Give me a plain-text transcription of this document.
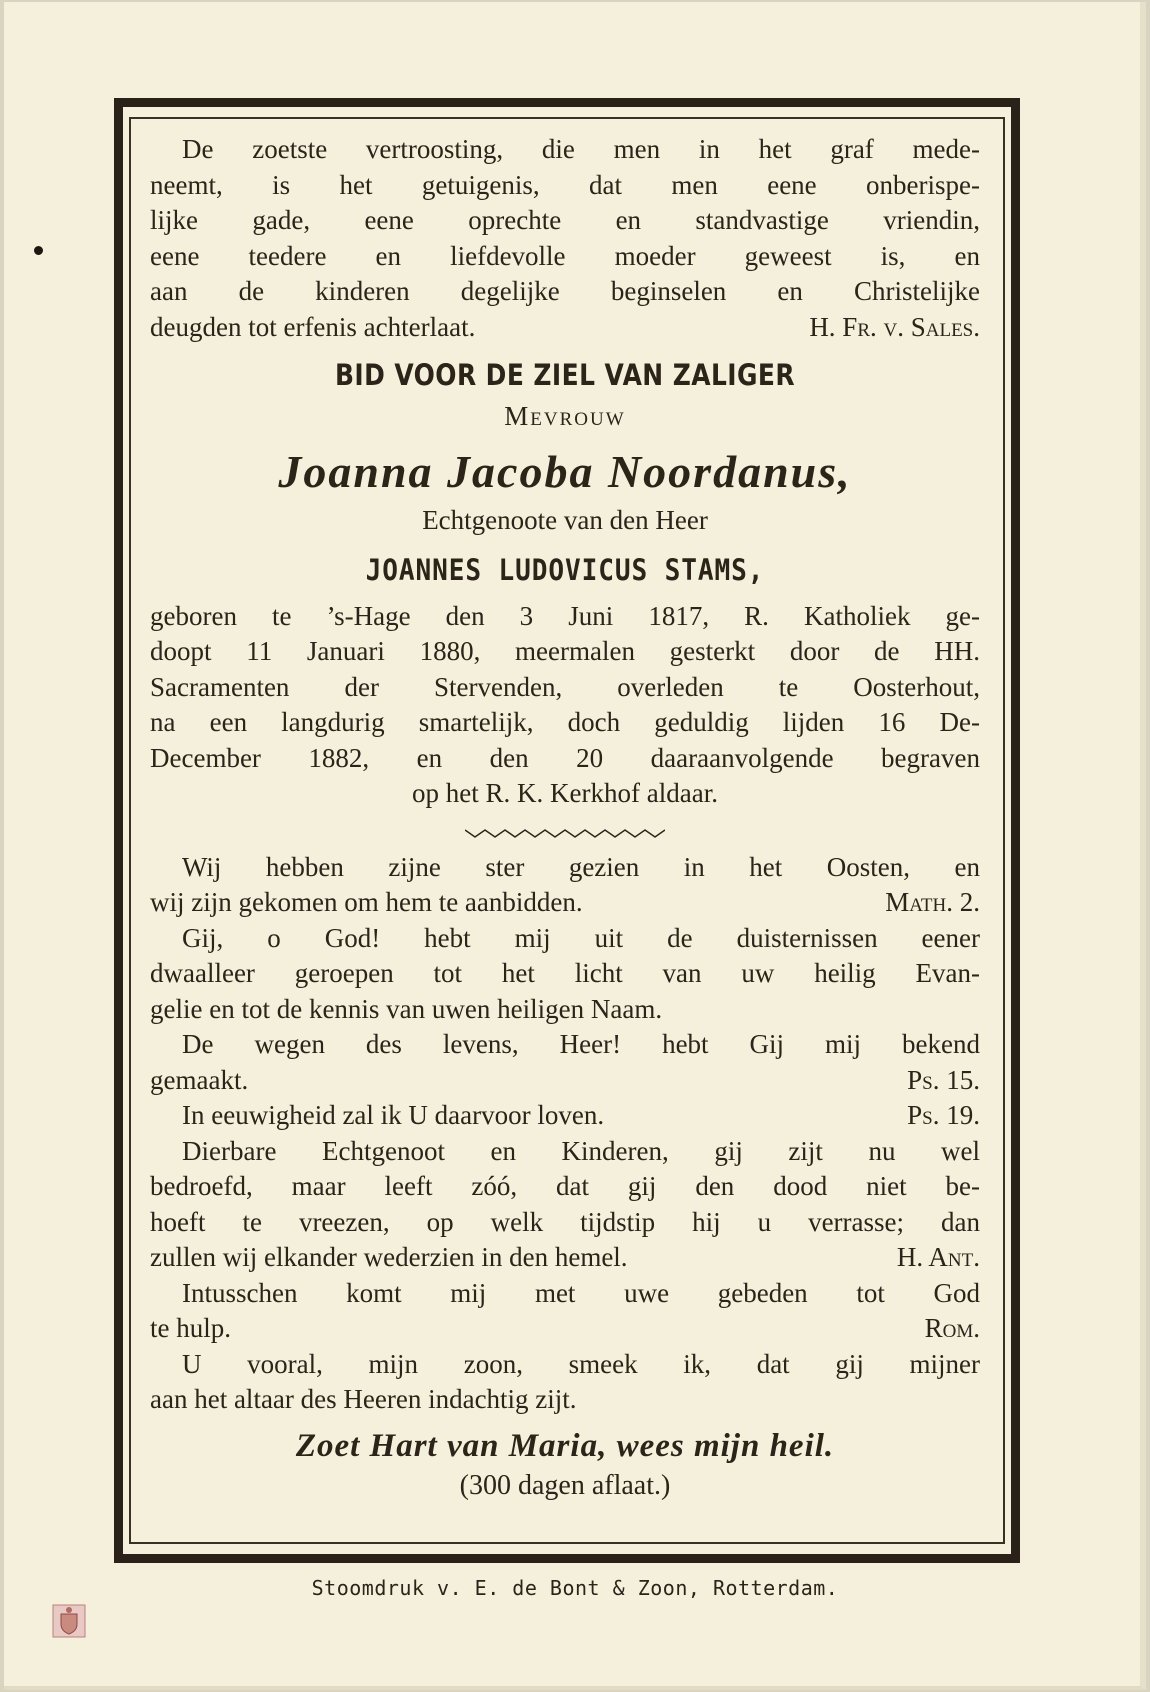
De zoetste vertroosting, die men in het graf mede-

neemt, is het getuigenis, dat men eene onberispe-

lijke gade, eene oprechte en standvastige vriendin,

eene teedere en liefdevolle moeder geweest is, en

aan de kinderen degelijke beginselen en Christelijke

deugden tot erfenis achterlaat.	H. Fr. v. Sales.

BID VOOR DE ZIEL VAN ZALIGER

Mevrouw

Joanna Jacoba Noordanus,

Echtgenoote van den Heer

JOANNES LUDOVICUS STAMS,

geboren te ’s-Hage den 3 Juni 1817, R. Katholiek ge-

doopt 11 Januari 1880, meermalen gesterkt door de HH.

Sacramenten der Stervenden, overleden te Oosterhout,

na een langdurig smartelijk, doch geduldig lijden 16 De-

December 1882, en den 20 daaraanvolgende begraven

op het R. K. Kerkhof aldaar.

Wij hebben zijne ster gezien in het Oosten, en

wij zijn gekomen om hem te aanbidden.	Math. 2.

Gij, o God! hebt mij uit de duisternissen eener

dwaalleer geroepen tot het licht van uw heilig Evan-

gelie en tot de kennis van uwen heiligen Naam.

De wegen des levens, Heer! hebt Gij mij bekend

gemaakt.	Ps. 15.
In eeuwigheid zal ik U daarvoor loven.	Ps. 19.

Dierbare Echtgenoot en Kinderen, gij zijt nu wel

bedroefd, maar leeft zóó, dat gij den dood niet be-

hoeft te vreezen, op welk tijdstip hij u verrasse; dan

zullen wij elkander wederzien in den hemel.	H. Ant.

Intusschen komt mij met uwe gebeden tot God

te hulp.	Rom.

U vooral, mijn zoon, smeek ik, dat gij mijner

aan het altaar des Heeren indachtig zijt.

Zoet Hart van Maria, wees mijn heil.

(300 dagen aflaat.)

Stoomdruk v. E. de Bont & Zoon, Rotterdam.
